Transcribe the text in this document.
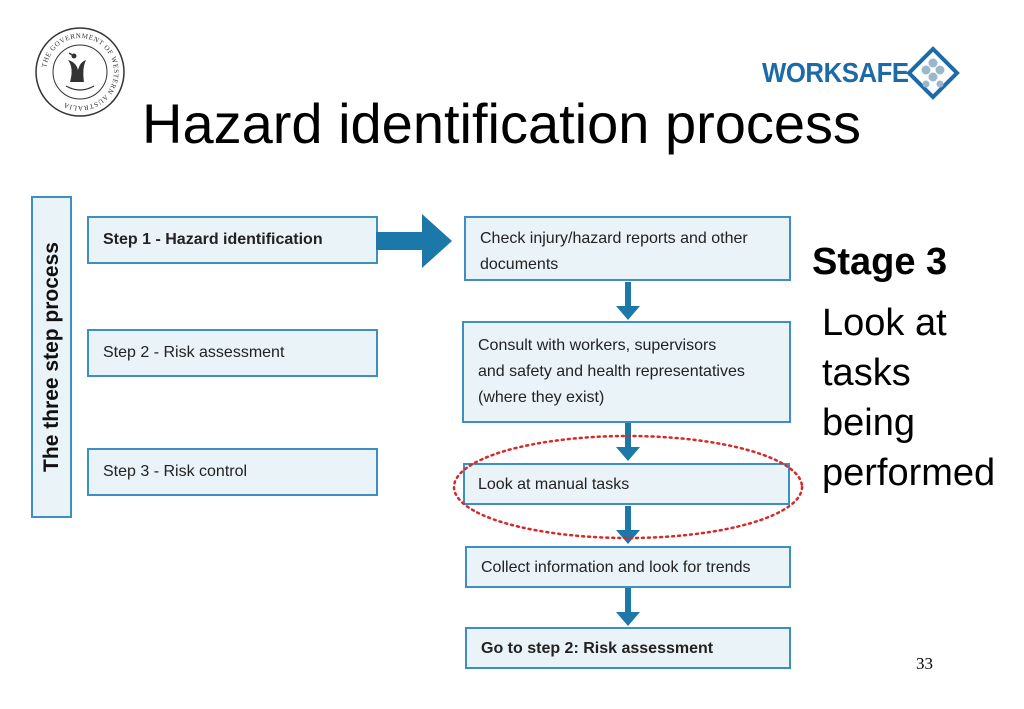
THE GOVERNMENT OF WESTERN AUSTRALIA
WORKSAFE
Hazard identification process
The three step process
Step 1 - Hazard identification
Step 2 - Risk assessment
Step 3 - Risk control
Check injury/hazard reports and other
documents
Consult with workers, supervisors
and safety and health representatives
(where they exist)
Look at manual tasks
Collect information and look for trends
Go to step 2: Risk assessment
Stage 3
Look at
tasks
being
performed
33
